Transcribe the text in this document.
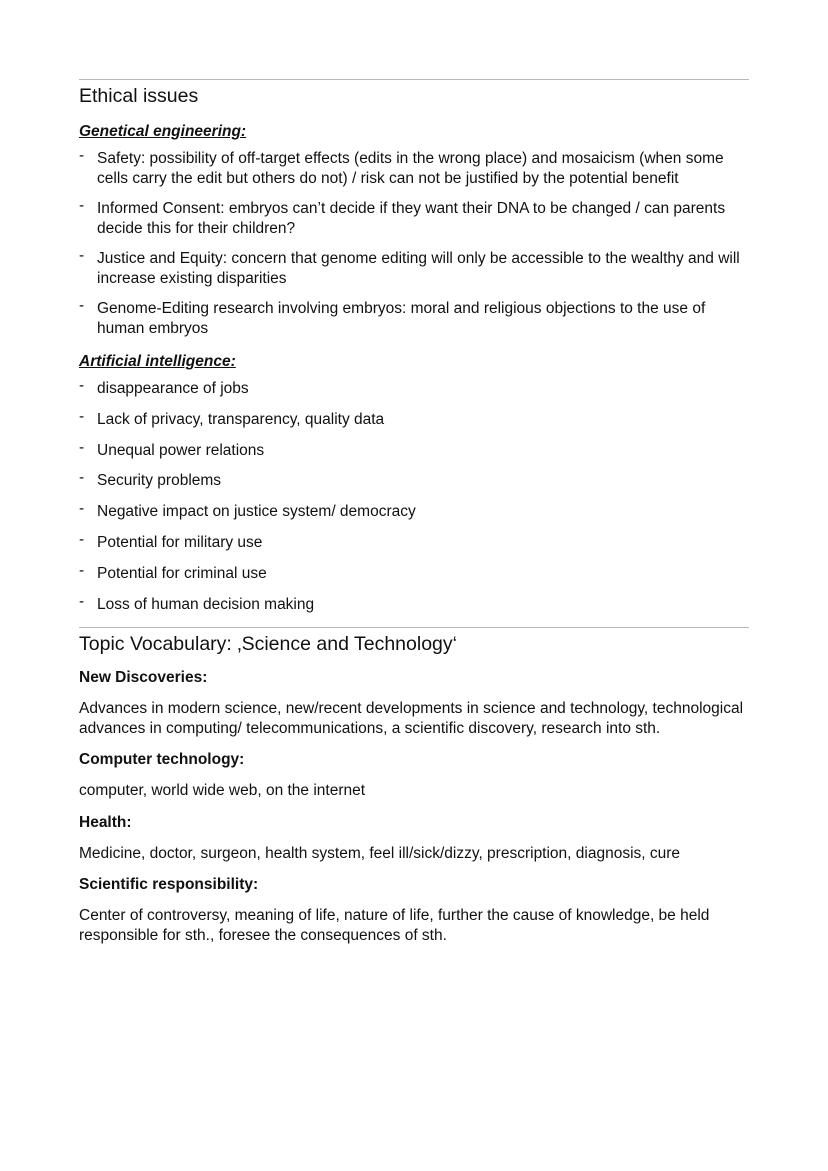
Ethical issues
Genetical engineering:
- Safety: possibility of off-target effects (edits in the wrong place) and mosaicism (when some cells carry the edit but others do not) / risk can not be justified by the potential benefit
- Informed Consent: embryos can’t decide if they want their DNA to be changed / can parents decide this for their children?
- Justice and Equity: concern that genome editing will only be accessible to the wealthy and will increase existing disparities
- Genome-Editing research involving embryos: moral and religious objections to the use of human embryos
Artificial intelligence:
- disappearance of jobs
- Lack of privacy, transparency, quality data
- Unequal power relations
- Security problems
- Negative impact on justice system/ democracy
- Potential for military use
- Potential for criminal use
- Loss of human decision making
Topic Vocabulary: ‚Science and Technology‘
New Discoveries:
Advances in modern science, new/recent developments in science and technology, technological advances in computing/ telecommunications, a scientific discovery, research into sth.
Computer technology:
computer, world wide web, on the internet
Health:
Medicine, doctor, surgeon, health system, feel ill/sick/dizzy, prescription, diagnosis, cure
Scientific responsibility:
Center of controversy, meaning of life, nature of life, further the cause of knowledge, be held responsible for sth., foresee the consequences of sth.
